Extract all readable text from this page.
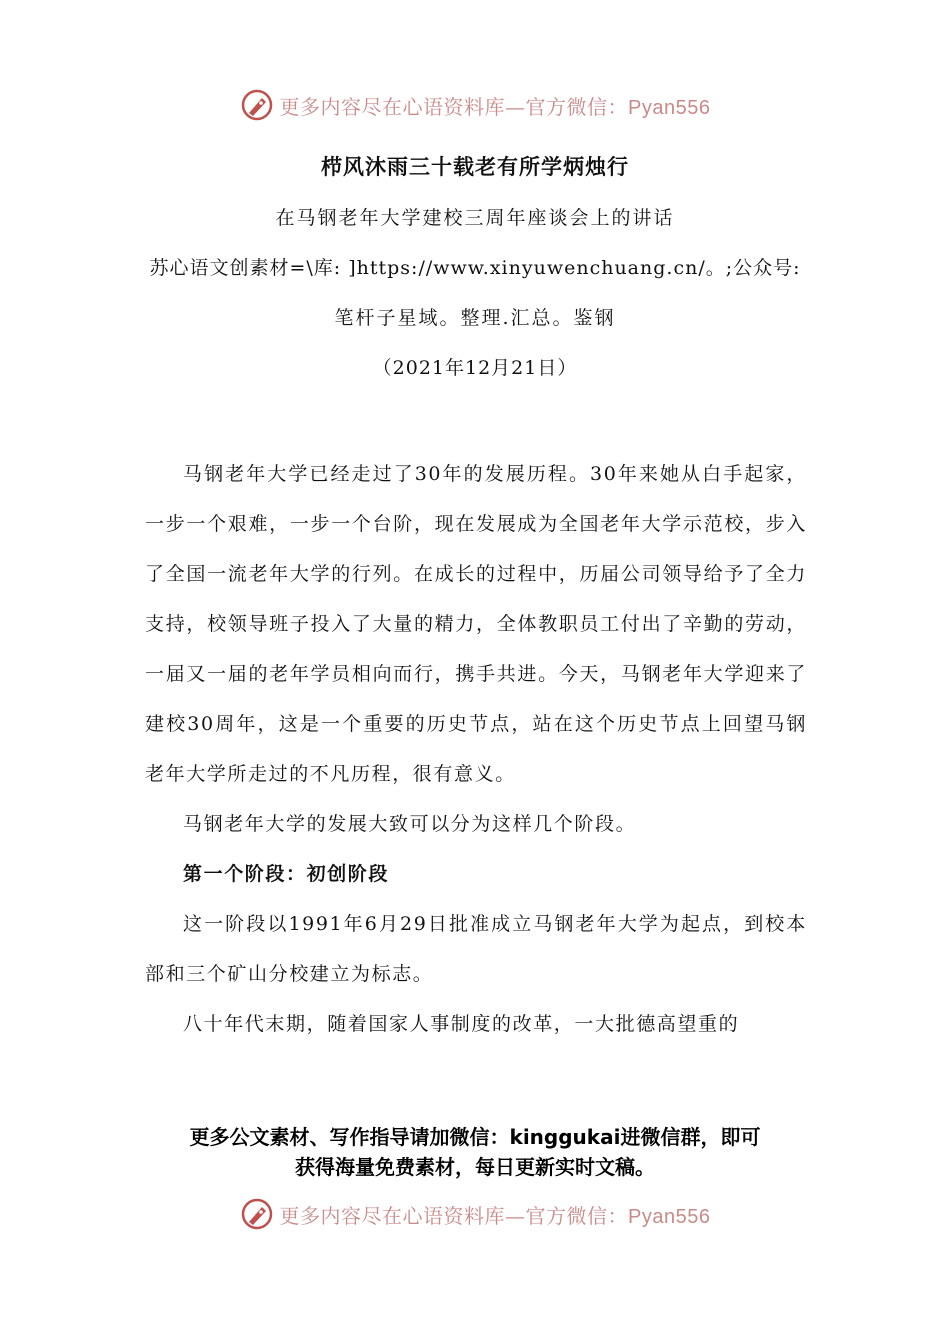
更多内容尽在心语资料库—官方微信：Pyan556
栉风沐雨三十载老有所学炳烛行
在马钢老年大学建校三周年座谈会上的讲话
苏心语文创素材=\库: ]https://www.xinyuwenchuang.cn/。;公众号:
笔杆子星域。整理.汇总。鉴钢
（2021年12月21日）

马钢老年大学已经走过了30年的发展历程。30年来她从白手起家，一步一个艰难，一步一个台阶，现在发展成为全国老年大学示范校，步入了全国一流老年大学的行列。在成长的过程中，历届公司领导给予了全力支持，校领导班子投入了大量的精力，全体教职员工付出了辛勤的劳动，一届又一届的老年学员相向而行，携手共进。今天，马钢老年大学迎来了建校30周年，这是一个重要的历史节点，站在这个历史节点上回望马钢老年大学所走过的不凡历程，很有意义。

马钢老年大学的发展大致可以分为这样几个阶段。

第一个阶段：初创阶段

这一阶段以1991年6月29日批准成立马钢老年大学为起点，到校本部和三个矿山分校建立为标志。

八十年代末期，随着国家人事制度的改革，一大批德高望重的

更多公文素材、写作指导请加微信：kinggukai进微信群，即可
获得海量免费素材，每日更新实时文稿。
更多内容尽在心语资料库—官方微信：Pyan556
